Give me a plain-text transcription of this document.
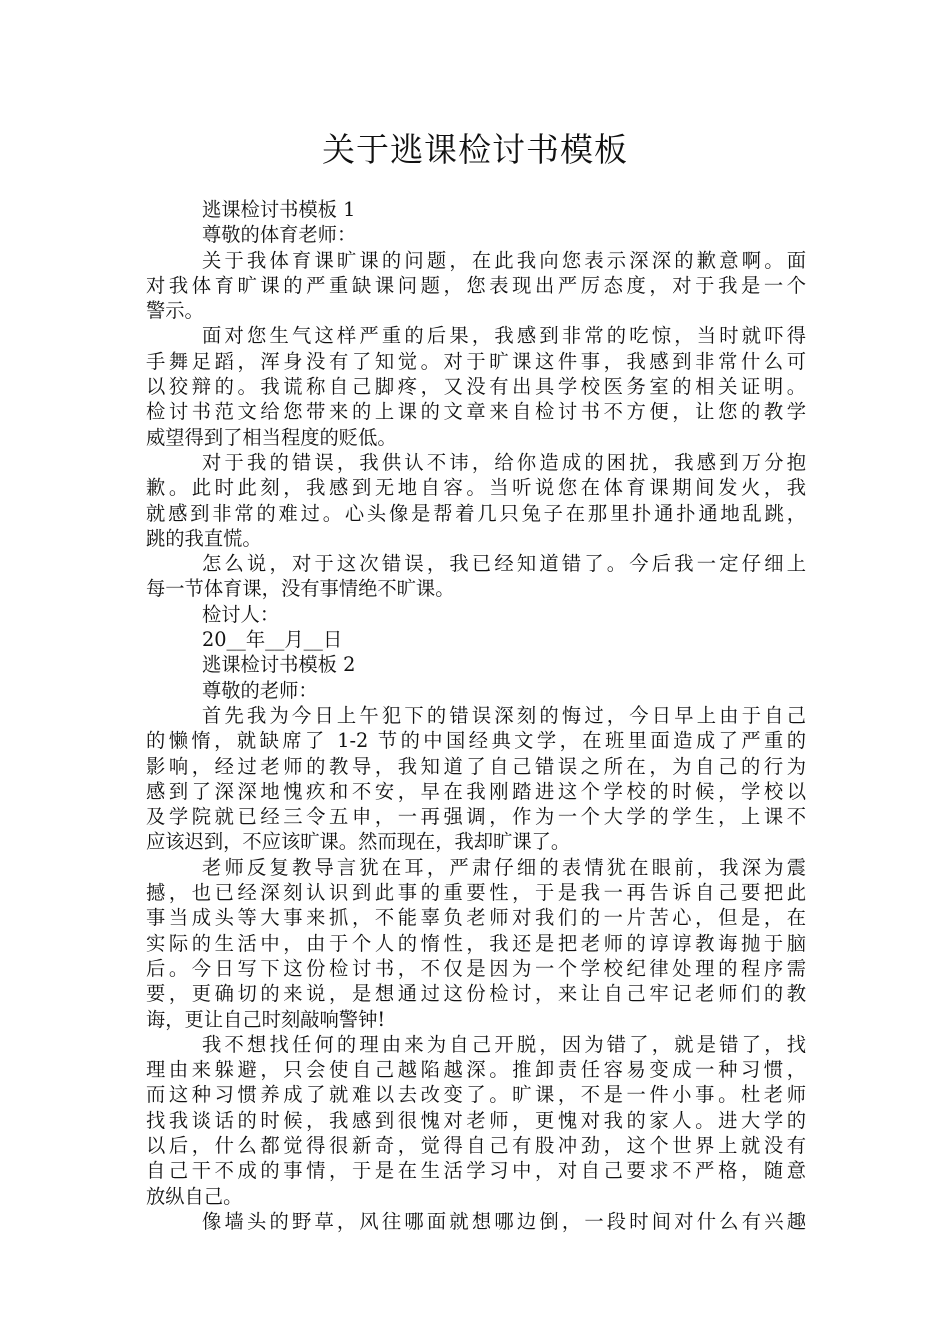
关于逃课检讨书模板
逃课检讨书模板 1
尊敬的体育老师：
关于我体育课旷课的问题，在此我向您表示深深的歉意啊。面
对我体育旷课的严重缺课问题，您表现出严厉态度，对于我是一个
警示。
面对您生气这样严重的后果，我感到非常的吃惊，当时就吓得
手舞足蹈，浑身没有了知觉。对于旷课这件事，我感到非常什么可
以狡辩的。我谎称自己脚疼，又没有出具学校医务室的相关证明。
检讨书范文给您带来的上课的文章来自检讨书不方便，让您的教学
威望得到了相当程度的贬低。
对于我的错误，我供认不讳，给你造成的困扰，我感到万分抱
歉。此时此刻，我感到无地自容。当听说您在体育课期间发火，我
就感到非常的难过。心头像是帮着几只兔子在那里扑通扑通地乱跳，
跳的我直慌。
怎么说，对于这次错误，我已经知道错了。今后我一定仔细上
每一节体育课，没有事情绝不旷课。
检讨人：
20__年__月__日
逃课检讨书模板 2
尊敬的老师：
首先我为今日上午犯下的错误深刻的悔过，今日早上由于自己
的懒惰，就缺席了 1-2 节的中国经典文学，在班里面造成了严重的
影响，经过老师的教导，我知道了自己错误之所在，为自己的行为
感到了深深地愧疚和不安，早在我刚踏进这个学校的时候，学校以
及学院就已经三令五申，一再强调，作为一个大学的学生，上课不
应该迟到，不应该旷课。然而现在，我却旷课了。
老师反复教导言犹在耳，严肃仔细的表情犹在眼前，我深为震
撼，也已经深刻认识到此事的重要性，于是我一再告诉自己要把此
事当成头等大事来抓，不能辜负老师对我们的一片苦心，但是，在
实际的生活中，由于个人的惰性，我还是把老师的谆谆教诲抛于脑
后。今日写下这份检讨书，不仅是因为一个学校纪律处理的程序需
要，更确切的来说，是想通过这份检讨，来让自己牢记老师们的教
诲，更让自己时刻敲响警钟!
我不想找任何的理由来为自己开脱，因为错了，就是错了，找
理由来躲避，只会使自己越陷越深。推卸责任容易变成一种习惯，
而这种习惯养成了就难以去改变了。旷课，不是一件小事。杜老师
找我谈话的时候，我感到很愧对老师，更愧对我的家人。进大学的
以后，什么都觉得很新奇，觉得自己有股冲劲，这个世界上就没有
自己干不成的事情，于是在生活学习中，对自己要求不严格，随意
放纵自己。
像墙头的野草，风往哪面就想哪边倒，一段时间对什么有兴趣
